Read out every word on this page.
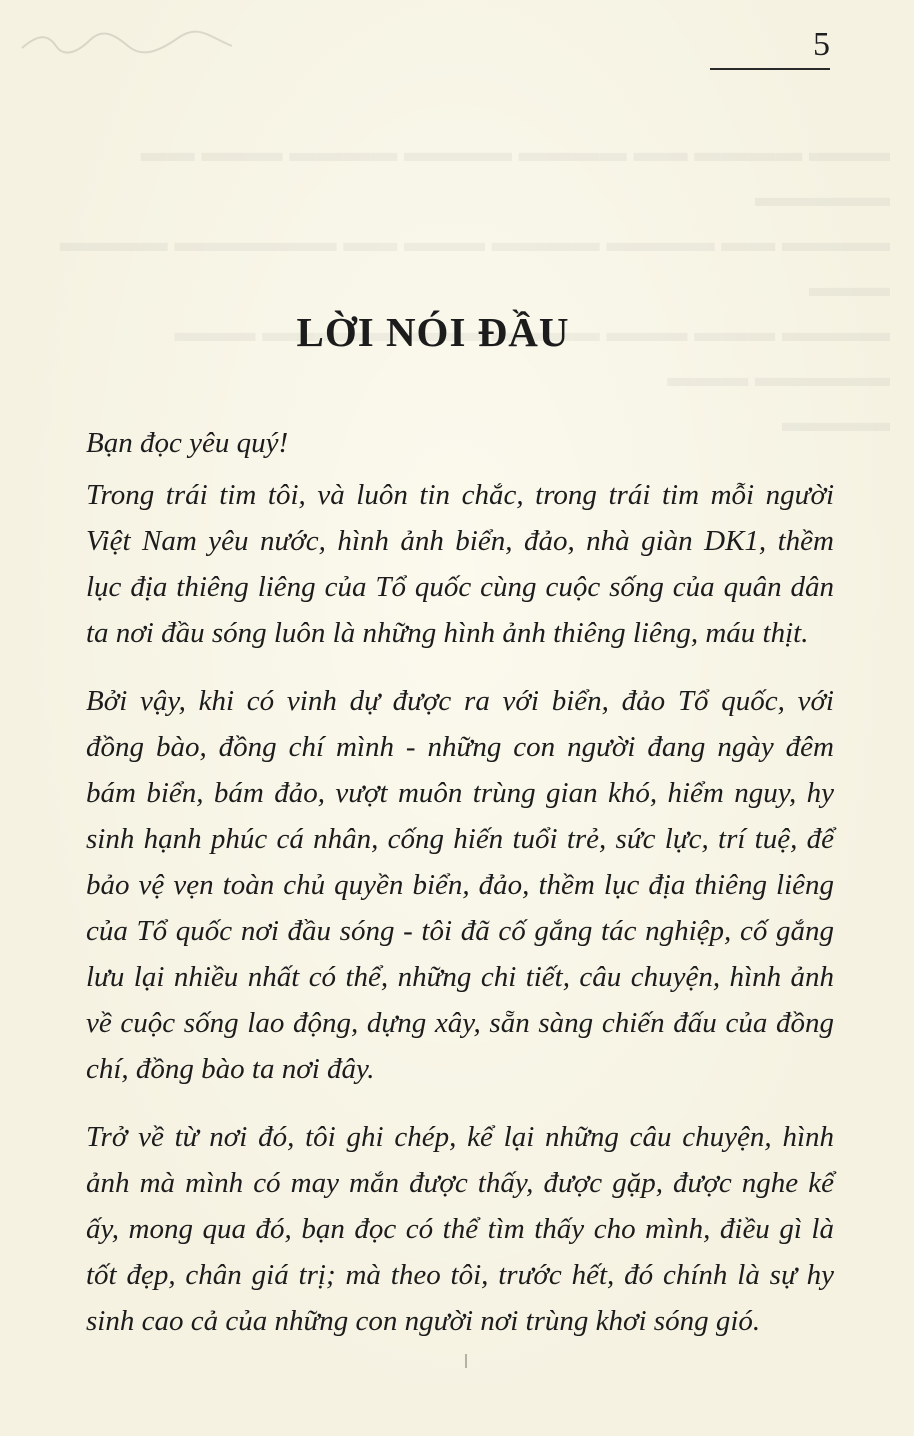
5
LỜI NÓI ĐẦU

Bạn đọc yêu quý!

Trong trái tim tôi, và luôn tin chắc, trong trái tim mỗi người
Việt Nam yêu nước, hình ảnh biển, đảo, nhà giàn DK1, thềm
lục địa thiêng liêng của Tổ quốc cùng cuộc sống của quân dân
ta nơi đầu sóng luôn là những hình ảnh thiêng liêng, máu thịt.

Bởi vậy, khi có vinh dự được ra với biển, đảo Tổ quốc, với
đồng bào, đồng chí mình - những con người đang ngày đêm
bám biển, bám đảo, vượt muôn trùng gian khó, hiểm nguy, hy
sinh hạnh phúc cá nhân, cống hiến tuổi trẻ, sức lực, trí tuệ, để
bảo vệ vẹn toàn chủ quyền biển, đảo, thềm lục địa thiêng liêng
của Tổ quốc nơi đầu sóng - tôi đã cố gắng tác nghiệp, cố gắng
lưu lại nhiều nhất có thể, những chi tiết, câu chuyện, hình ảnh
về cuộc sống lao động, dựng xây, sẵn sàng chiến đấu của đồng
chí, đồng bào ta nơi đây.

Trở về từ nơi đó, tôi ghi chép, kể lại những câu chuyện, hình
ảnh mà mình có may mắn được thấy, được gặp, được nghe kể
ấy, mong qua đó, bạn đọc có thể tìm thấy cho mình, điều gì là
tốt đẹp, chân giá trị; mà theo tôi, trước hết, đó chính là sự hy
sinh cao cả của những con người nơi trùng khơi sóng gió.
